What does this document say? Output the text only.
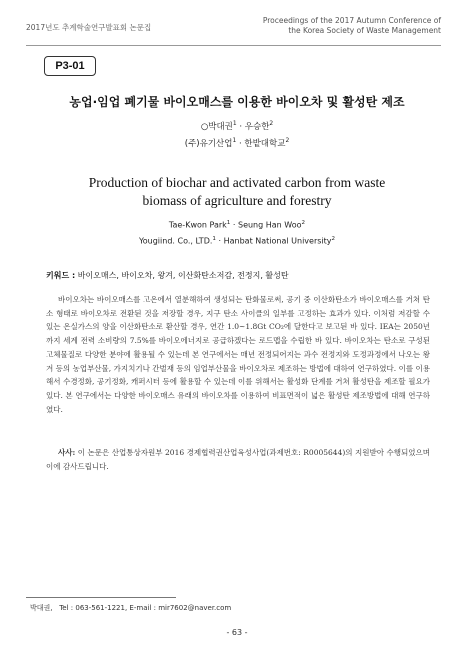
2017년도 추계학술연구발표회 논문집
Proceedings of the 2017 Autumn Conference of
the Korea Society of Waste Management
P3-01
농업·임업 폐기물 바이오매스를 이용한 바이오차 및 활성탄 제조
○박대권$^1$ · 우승한$^2$
(주)유기산업$^1$ · 한밭대학교$^2$
Production of biochar and activated carbon from waste
biomass of agriculture and forestry
Tae-Kwon Park$^1$ · Seung Han Woo$^2$
Yougiind. Co., LTD.$^1$ · Hanbat National University$^2$
키워드 : 바이오매스, 바이오차, 왕겨, 이산화탄소저감, 전정지, 활성탄

바이오차는 바이오매스를 고온에서 열분해하여 생성되는 탄화물로써, 공기 중 이산화탄소가 바이오매스를 거쳐 탄소 형태로 바이오차로 전환된 것을 저장할 경우, 지구 탄소 사이클의 일부를 고정하는 효과가 있다. 이처럼 저감할 수 있는 온실가스의 양을 이산화탄소로 환산할 경우, 연간 1.0~1.8Gt CO₂에 달한다고 보고된 바 있다. IEA는 2050년까지 세계 전력 소비량의 7.5%를 바이오에너지로 공급하겠다는 로드맵을 수립한 바 있다. 바이오차는 탄소로 구성된 고체물질로 다양한 분야에 활용될 수 있는데 본 연구에서는 매년 전정되어지는 과수 전정지와 도정과정에서 나오는 왕겨 등의 농업부산물, 가지치기나 간벌재 등의 임업부산물을 바이오차로 제조하는 방법에 대하여 연구하였다. 이를 이용해서 수경정화, 공기정화, 캐퍼시터 등에 활용할 수 있는데 이를 위해서는 활성화 단계를 거쳐 활성탄을 제조할 필요가 있다. 본 연구에서는 다양한 바이오매스 유래의 바이오차를 이용하여 비표면적이 넓은 활성탄 제조방법에 대해 연구하였다.

사사: 이 논문은 산업통상자원부 2016 경제협력권산업육성사업(과제번호: R0005644)의 지원받아 수행되었으며 이에 감사드립니다.

박대권, Tel : 063-561-1221, E-mail : mir7602@naver.com
- 63 -
